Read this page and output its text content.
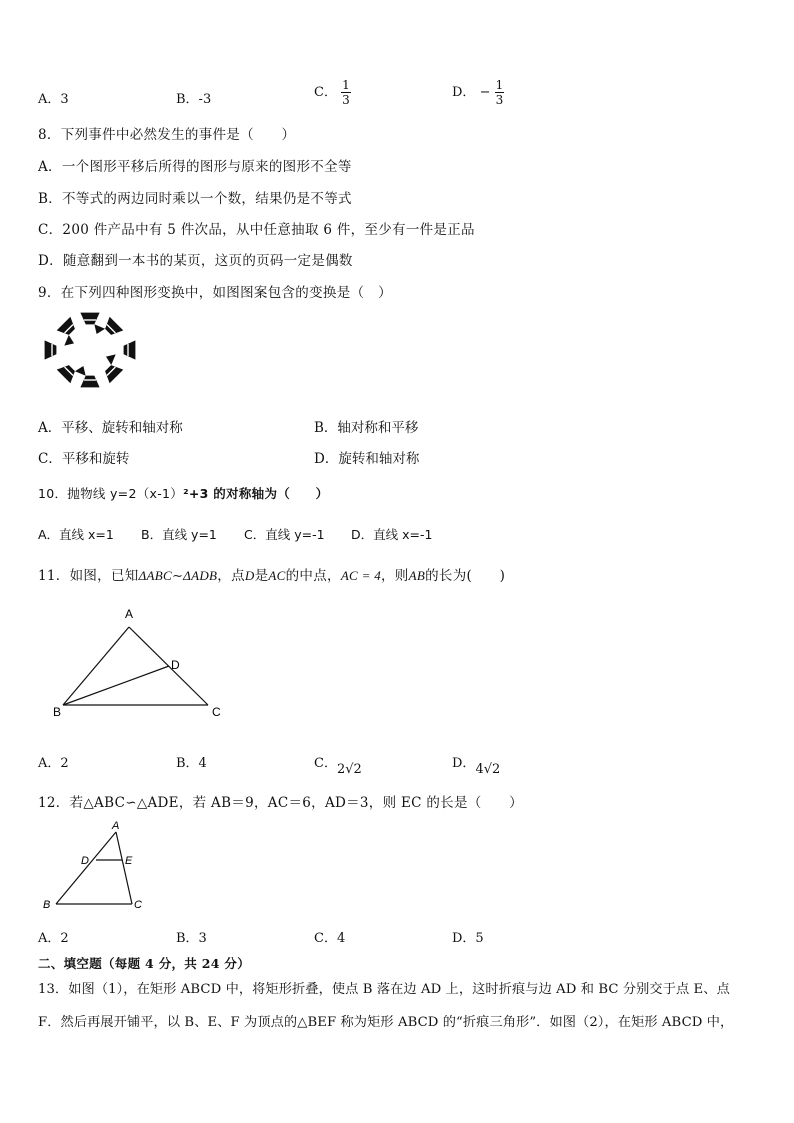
A．3	B．-3	C． $\frac{1}{3}$	D． − $\frac{1}{3}$
8．下列事件中必然发生的事件是（　　）
A．一个图形平移后所得的图形与原来的图形不全等
B．不等式的两边同时乘以一个数，结果仍是不等式
C．200 件产品中有 5 件次品，从中任意抽取 6 件，至少有一件是正品
D．随意翻到一本书的某页，这页的页码一定是偶数
9．在下列四种图形变换中，如图图案包含的变换是（　）
A．平移、旋转和轴对称	B．轴对称和平移
C．平移和旋转	D．旋转和轴对称
10．抛物线 y=2（x-1）²+3 的对称轴为（　　）
A．直线 x=1 B．直线 y=1 C．直线 y=-1 D．直线 x=-1
11．如图，已知ΔABC∼ΔADB，点D是AC的中点，AC = 4，则AB的长为(　　)
A
B	C
D
A．2	B．4	C．2√2	D．4√2
12．若△ABC∽△ADE，若 AB＝9，AC＝6，AD＝3，则 EC 的长是（　　）
A
B	C
D	E
A．2	B．3	C．4	D．5
二、填空题（每题 4 分，共 24 分）
13．如图（1），在矩形 ABCD 中，将矩形折叠，使点 B 落在边 AD 上，这时折痕与边 AD 和 BC 分别交于点 E、点
F．然后再展开铺平，以 B、E、F 为顶点的△BEF 称为矩形 ABCD 的“折痕三角形”．如图（2），在矩形 ABCD 中，
